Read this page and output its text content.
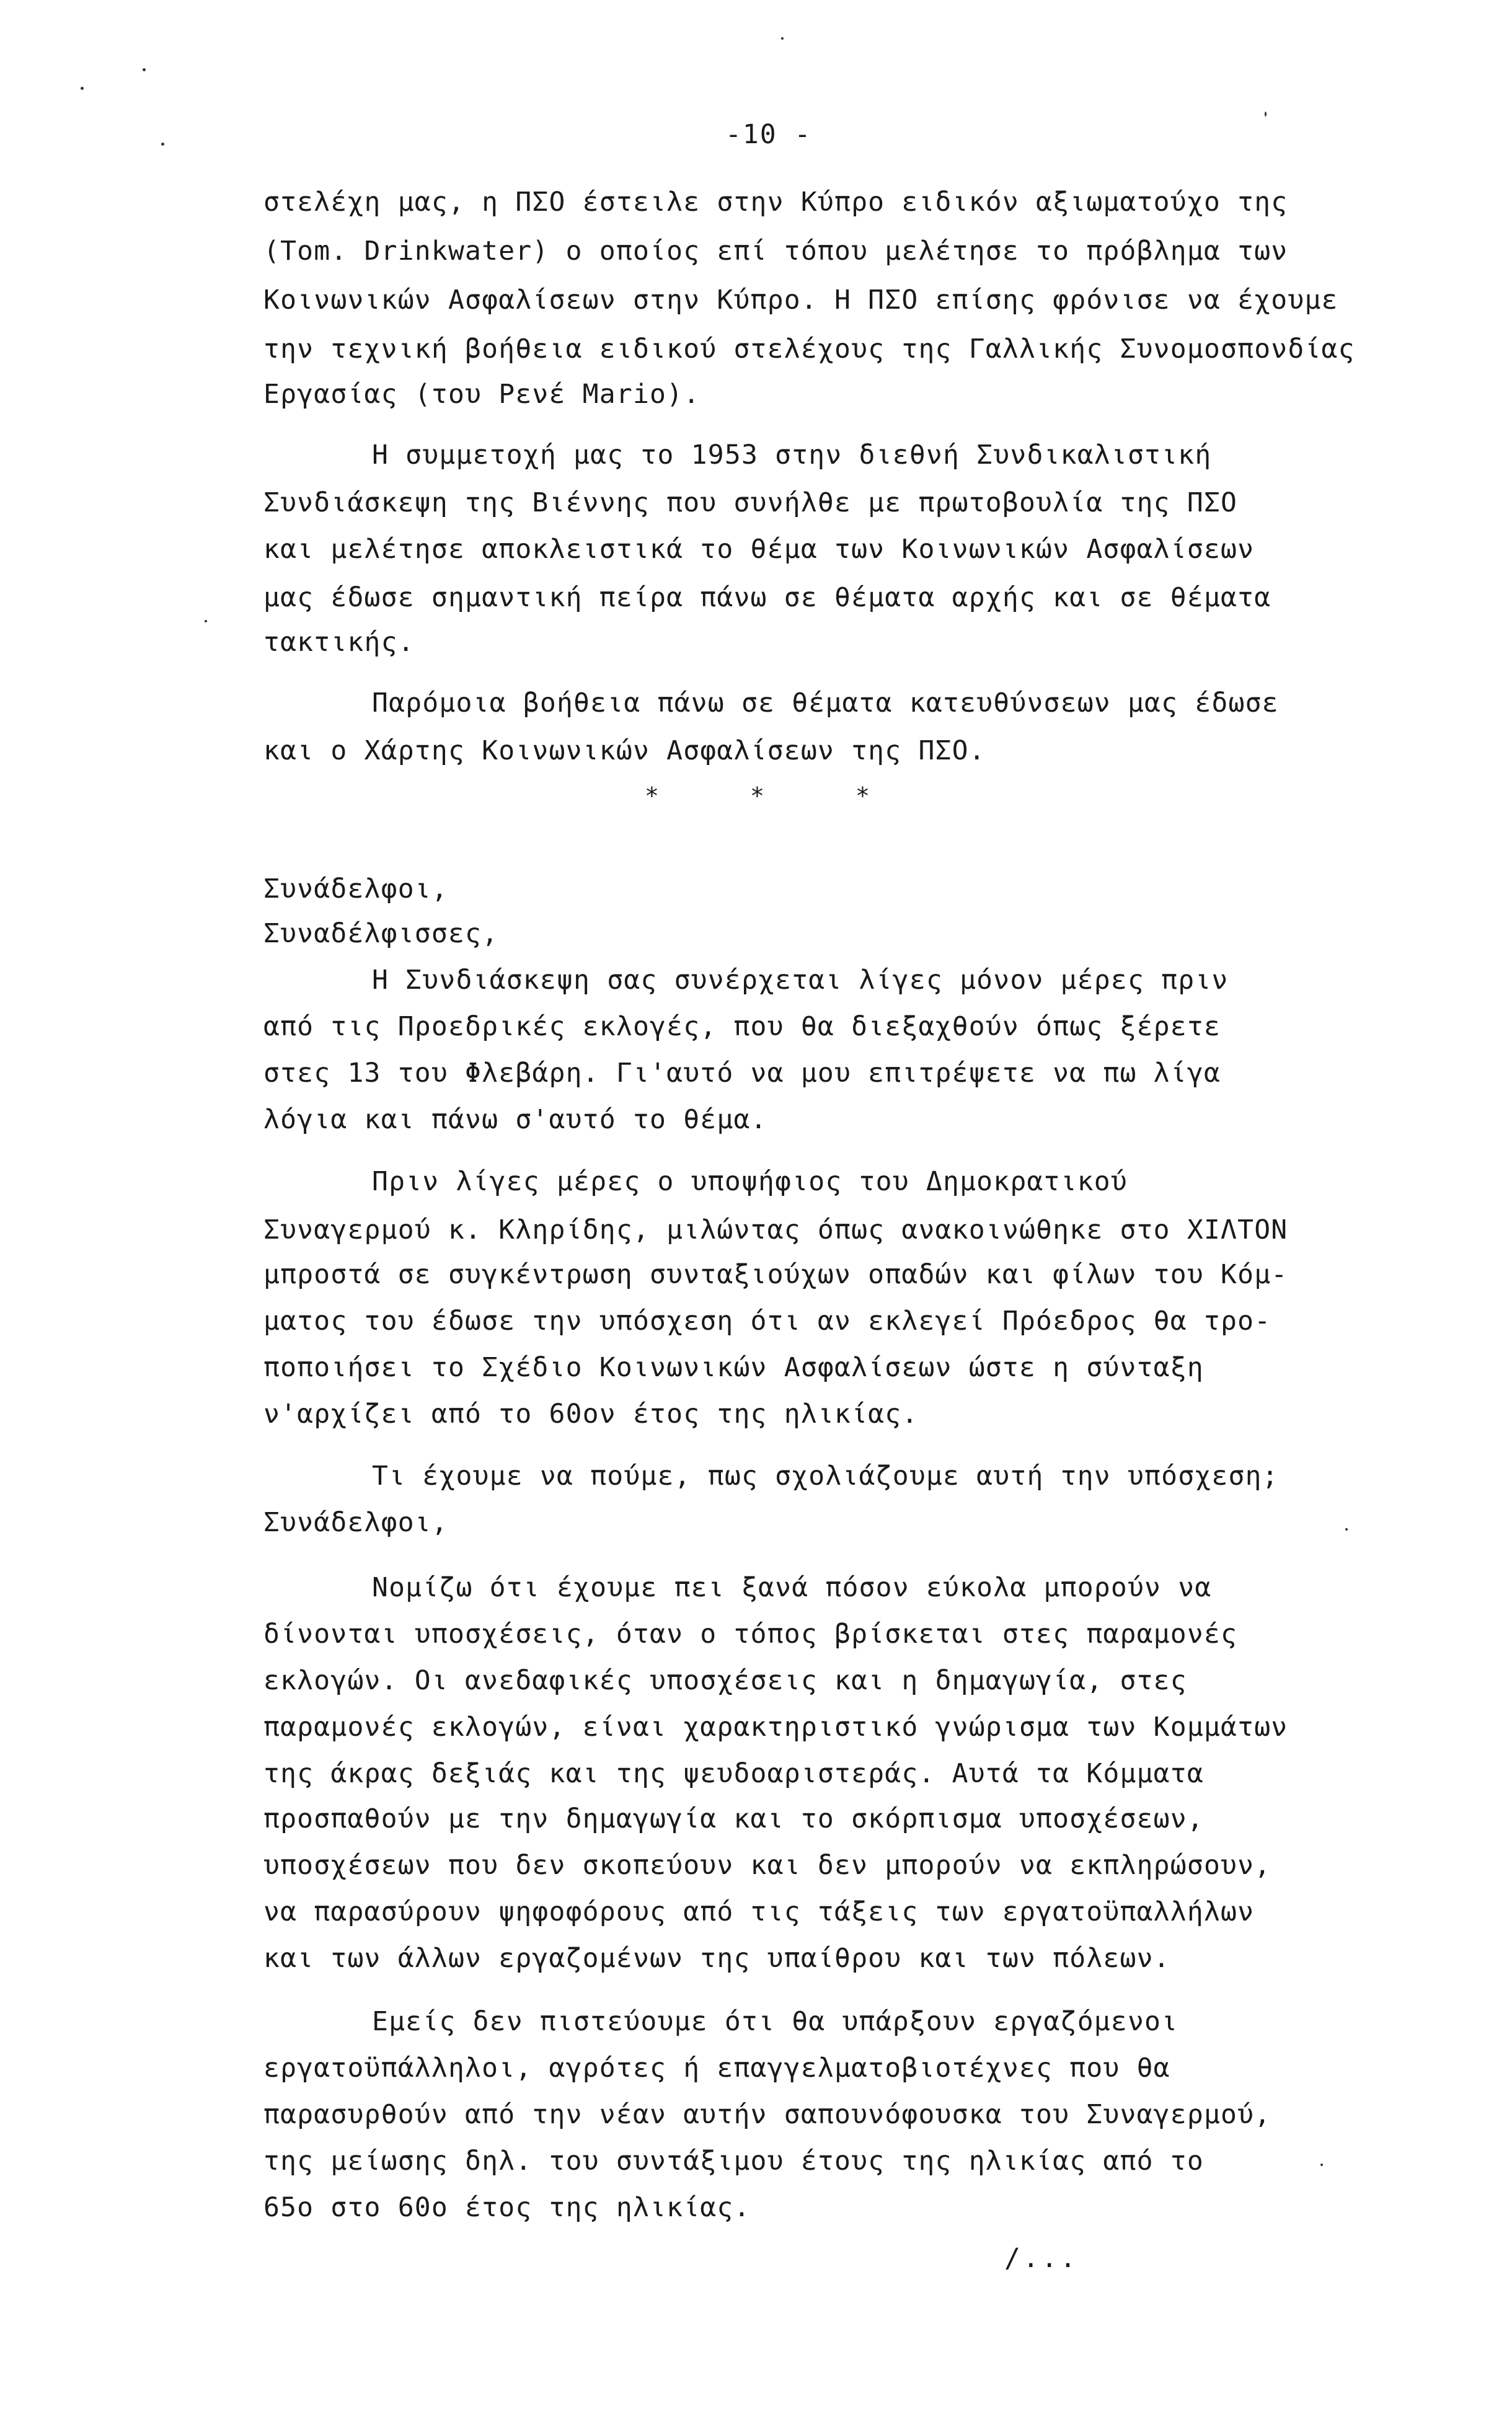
-10 -
στελέχη μας, η ΠΣΟ έστειλε στην Κύπρο ειδικόν αξιωματούχο της
(Tom. Drinkwater) ο οποίος επί τόπου μελέτησε το πρόβλημα των
Κοινωνικών Ασφαλίσεων στην Κύπρο. Η ΠΣΟ επίσης φρόνισε να έχουμε
την τεχνική βοήθεια ειδικού στελέχους της Γαλλικής Συνομοσπονδίας
Εργασίας (του Ρενέ Mario).
Η συμμετοχή μας το 1953 στην διεθνή Συνδικαλιστική
Συνδιάσκεψη της Βιέννης που συνήλθε με πρωτοβουλία της ΠΣΟ
και μελέτησε αποκλειστικά το θέμα των Κοινωνικών Ασφαλίσεων
μας έδωσε σημαντική πείρα πάνω σε θέματα αρχής και σε θέματα
τακτικής.
Παρόμοια βοήθεια πάνω σε θέματα κατευθύνσεων μας έδωσε
και ο Χάρτης Κοινωνικών Ασφαλίσεων της ΠΣΟ.
*	*	*
Συνάδελφοι,
Συναδέλφισσες,
Η Συνδιάσκεψη σας συνέρχεται λίγες μόνον μέρες πριν
από τις Προεδρικές εκλογές, που θα διεξαχθούν όπως ξέρετε
στες 13 του Φλεβάρη. Γι'αυτό να μου επιτρέψετε να πω λίγα
λόγια και πάνω σ'αυτό το θέμα.
Πριν λίγες μέρες ο υποψήφιος του Δημοκρατικού
Συναγερμού κ. Κληρίδης, μιλώντας όπως ανακοινώθηκε στο ΧΙΛΤΟΝ
μπροστά σε συγκέντρωση συνταξιούχων οπαδών και φίλων του Κόμ-
ματος του έδωσε την υπόσχεση ότι αν εκλεγεί Πρόεδρος θα τρο-
ποποιήσει το Σχέδιο Κοινωνικών Ασφαλίσεων ώστε η σύνταξη
ν'αρχίζει από το 60ον έτος της ηλικίας.
Τι έχουμε να πούμε, πως σχολιάζουμε αυτή την υπόσχεση;
Συνάδελφοι,
Νομίζω ότι έχουμε πει ξανά πόσον εύκολα μπορούν να
δίνονται υποσχέσεις, όταν ο τόπος βρίσκεται στες παραμονές
εκλογών. Οι ανεδαφικές υποσχέσεις και η δημαγωγία, στες
παραμονές εκλογών, είναι χαρακτηριστικό γνώρισμα των Κομμάτων
της άκρας δεξιάς και της ψευδοαριστεράς. Αυτά τα Κόμματα
προσπαθούν με την δημαγωγία και το σκόρπισμα υποσχέσεων,
υποσχέσεων που δεν σκοπεύουν και δεν μπορούν να εκπληρώσουν,
να παρασύρουν ψηφοφόρους από τις τάξεις των εργατοϋπαλλήλων
και των άλλων εργαζομένων της υπαίθρου και των πόλεων.
Εμείς δεν πιστεύουμε ότι θα υπάρξουν εργαζόμενοι
εργατοϋπάλληλοι, αγρότες ή επαγγελματοβιοτέχνες που θα
παρασυρθούν από την νέαν αυτήν σαπουνόφουσκα του Συναγερμού,
της μείωσης δηλ. του συντάξιμου έτους της ηλικίας από το
65ο στο 60ο έτος της ηλικίας.
/...
